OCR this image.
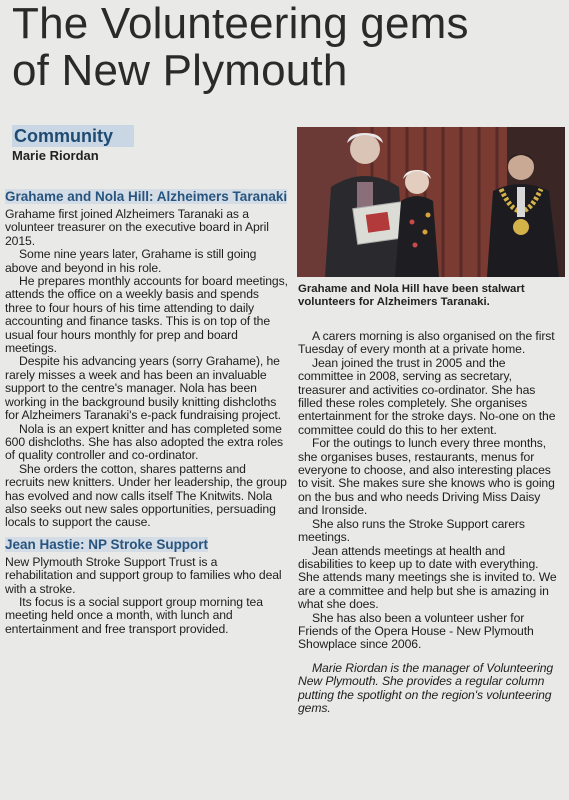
The Volunteering gems
of New Plymouth
Community
Marie Riordan
Grahame and Nola Hill have been stalwart volunteers for Alzheimers Taranaki.
Grahame and Nola Hill: Alzheimers Taranaki

Grahame first joined Alzheimers Taranaki as a volunteer treasurer on the executive board in April 2015.

Some nine years later, Grahame is still going above and beyond in his role.

He prepares monthly accounts for board meetings, attends the office on a weekly basis and spends three to four hours of his time attending to daily accounting and finance tasks. This is on top of the usual four hours monthly for prep and board meetings.

Despite his advancing years (sorry Grahame), he rarely misses a week and has been an invaluable support to the centre's manager. Nola has been working in the background busily knitting dishcloths for Alzheimers Taranaki's e-pack fundraising project.

Nola is an expert knitter and has completed some 600 dishcloths. She has also adopted the extra roles of quality controller and co-ordinator.

She orders the cotton, shares patterns and recruits new knitters. Under her leadership, the group has evolved and now calls itself The Knitwits. Nola also seeks out new sales opportunities, persuading locals to support the cause.

Jean Hastie: NP Stroke Support

New Plymouth Stroke Support Trust is a rehabilitation and support group to families who deal with a stroke.

Its focus is a social support group morning tea meeting held once a month, with lunch and entertainment and free transport provided.

A carers morning is also organised on the first Tuesday of every month at a private home.

Jean joined the trust in 2005 and the committee in 2008, serving as secretary, treasurer and activities co-ordinator. She has filled these roles completely. She organises entertainment for the stroke days. No-one on the committee could do this to her extent.

For the outings to lunch every three months, she organises buses, restaurants, menus for everyone to choose, and also interesting places to visit. She makes sure she knows who is going on the bus and who needs Driving Miss Daisy and Ironside.

She also runs the Stroke Support carers meetings.

Jean attends meetings at health and disabilities to keep up to date with everything. She attends many meetings she is invited to. We are a committee and help but she is amazing in what she does.

She has also been a volunteer usher for Friends of the Opera House - New Plymouth Showplace since 2006.

Marie Riordan is the manager of Volunteering New Plymouth. She provides a regular column putting the spotlight on the region's volunteering gems.
